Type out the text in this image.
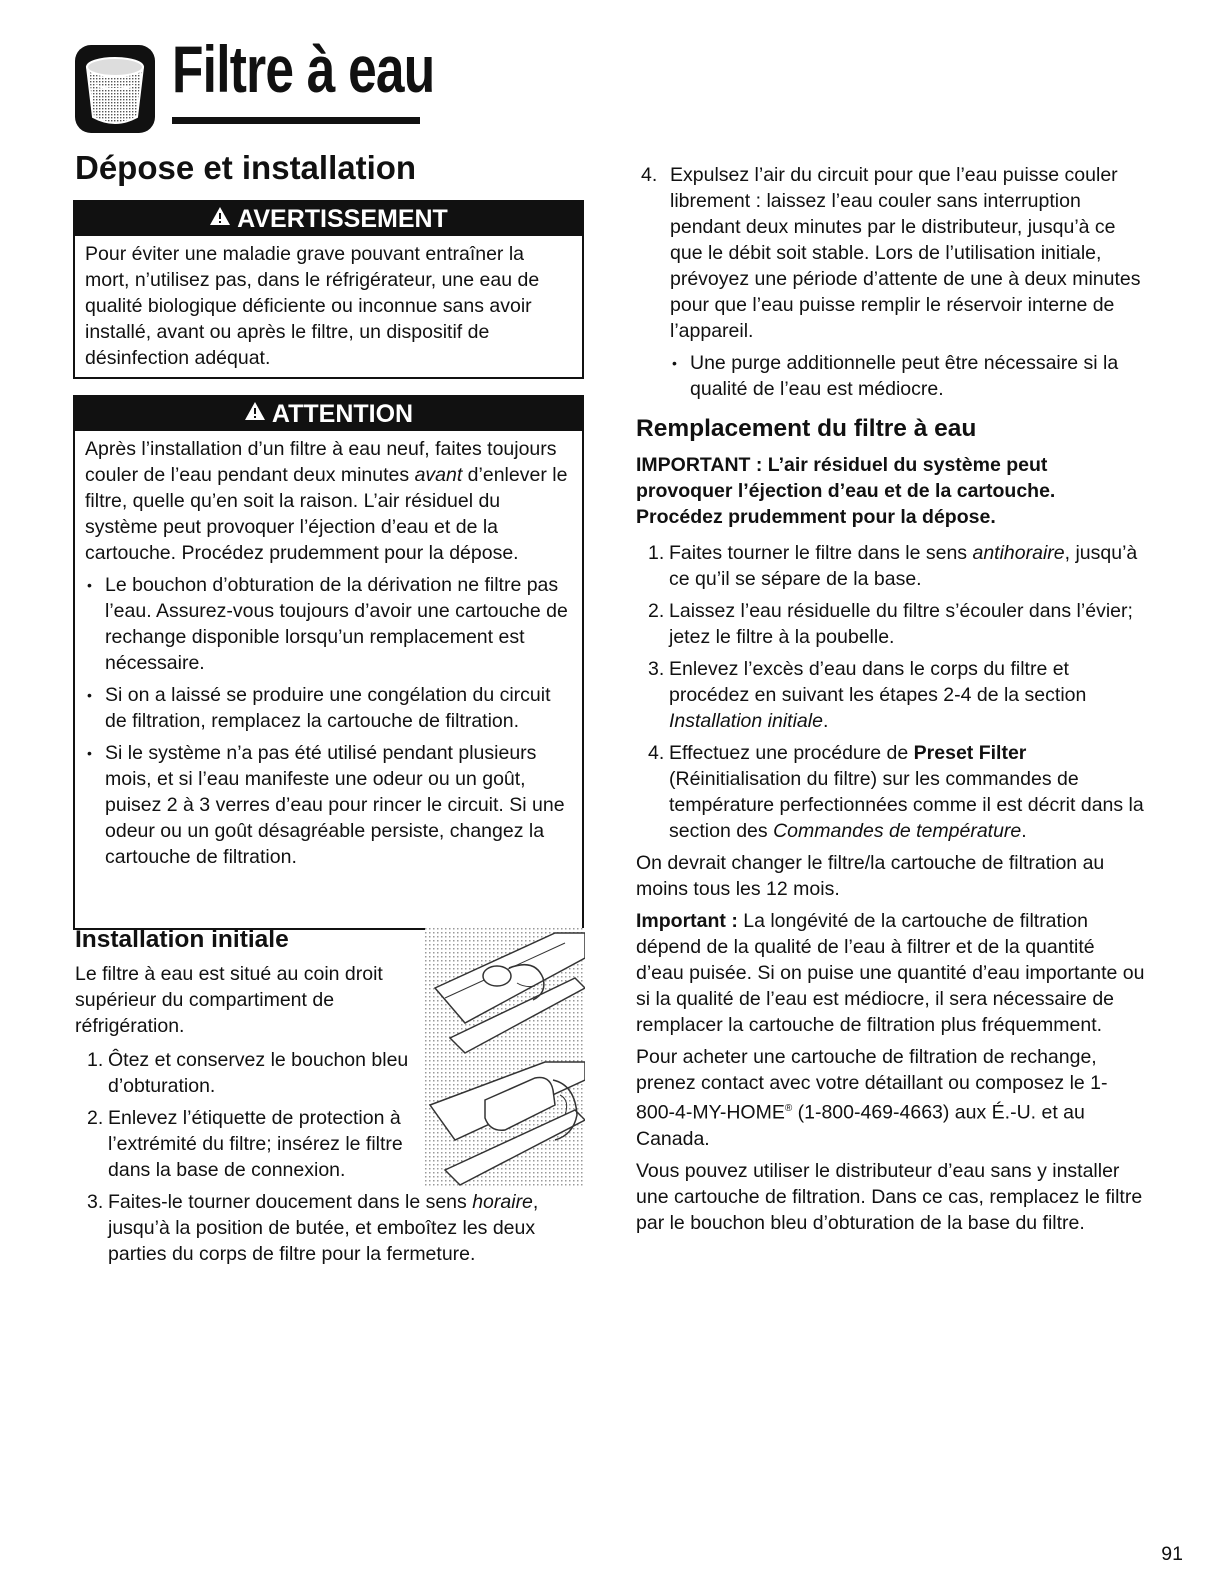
Filtre à eau
Dépose et installation
AVERTISSEMENT

Pour éviter une maladie grave pouvant entraîner la mort, n’utilisez pas, dans le réfrigérateur, une eau de qualité biologique déficiente ou inconnue sans avoir installé, avant ou après le filtre, un dispositif de désinfection adéquat.

ATTENTION

Après l’installation d’un filtre à eau neuf, faites toujours couler de l’eau pendant deux minutes avant d’enlever le filtre, quelle qu’en soit la raison. L’air résiduel du système peut provoquer l’éjection d’eau et de la cartouche. Procédez prudemment pour la dépose.

• Le bouchon d’obturation de la dérivation ne filtre pas l’eau. Assurez-vous toujours d’avoir une cartouche de rechange disponible lorsqu’un remplacement est nécessaire.
• Si on a laissé se produire une congélation du circuit de filtration, remplacez la cartouche de filtration.
• Si le système n’a pas été utilisé pendant plusieurs mois, et si l’eau manifeste une odeur ou un goût, puisez 2 à 3 verres d’eau pour rincer le circuit. Si une odeur ou un goût désagréable persiste, changez la cartouche de filtration.
Installation initiale

Le filtre à eau est situé au coin droit supérieur du compartiment de réfrigération.

1. Ôtez et conservez le bouchon bleu d’obturation.
2. Enlevez l’étiquette de protection à l’extrémité du filtre; insérez le filtre dans la base de connexion.
3. Faites-le tourner doucement dans le sens horaire, jusqu’à la position de butée, et emboîtez les deux parties du corps de filtre pour la fermeture.
4. Expulsez l’air du circuit pour que l’eau puisse couler librement : laissez l’eau couler sans interruption pendant deux minutes par le distributeur, jusqu’à ce que le débit soit stable. Lors de l’utilisation initiale, prévoyez une période d’attente de une à deux minutes pour que l’eau puisse remplir le réservoir interne de l’appareil.
• Une purge additionnelle peut être nécessaire si la qualité de l’eau est médiocre.
Remplacement du filtre à eau

IMPORTANT : L’air résiduel du système peut provoquer l’éjection d’eau et de la cartouche. Procédez prudemment pour la dépose.

1. Faites tourner le filtre dans le sens antihoraire, jusqu’à ce qu’il se sépare de la base.
2. Laissez l’eau résiduelle du filtre s’écouler dans l’évier; jetez le filtre à la poubelle.
3. Enlevez l’excès d’eau dans le corps du filtre et procédez en suivant les étapes 2-4 de la section Installation initiale.
4. Effectuez une procédure de Preset Filter (Réinitialisation du filtre) sur les commandes de température perfectionnées comme il est décrit dans la section des Commandes de température.

On devrait changer le filtre/la cartouche de filtration au moins tous les 12 mois.

Important : La longévité de la cartouche de filtration dépend de la qualité de l’eau à filtrer et de la quantité d’eau puisée. Si on puise une quantité d’eau importante ou si la qualité de l’eau est médiocre, il sera nécessaire de remplacer la cartouche de filtration plus fréquemment.

Pour acheter une cartouche de filtration de rechange, prenez contact avec votre détaillant ou composez le 1-800-4-MY-HOME® (1-800-469-4663) aux É.-U. et au Canada.

Vous pouvez utiliser le distributeur d’eau sans y installer une cartouche de filtration. Dans ce cas, remplacez le filtre par le bouchon bleu d’obturation de la base du filtre.

91
